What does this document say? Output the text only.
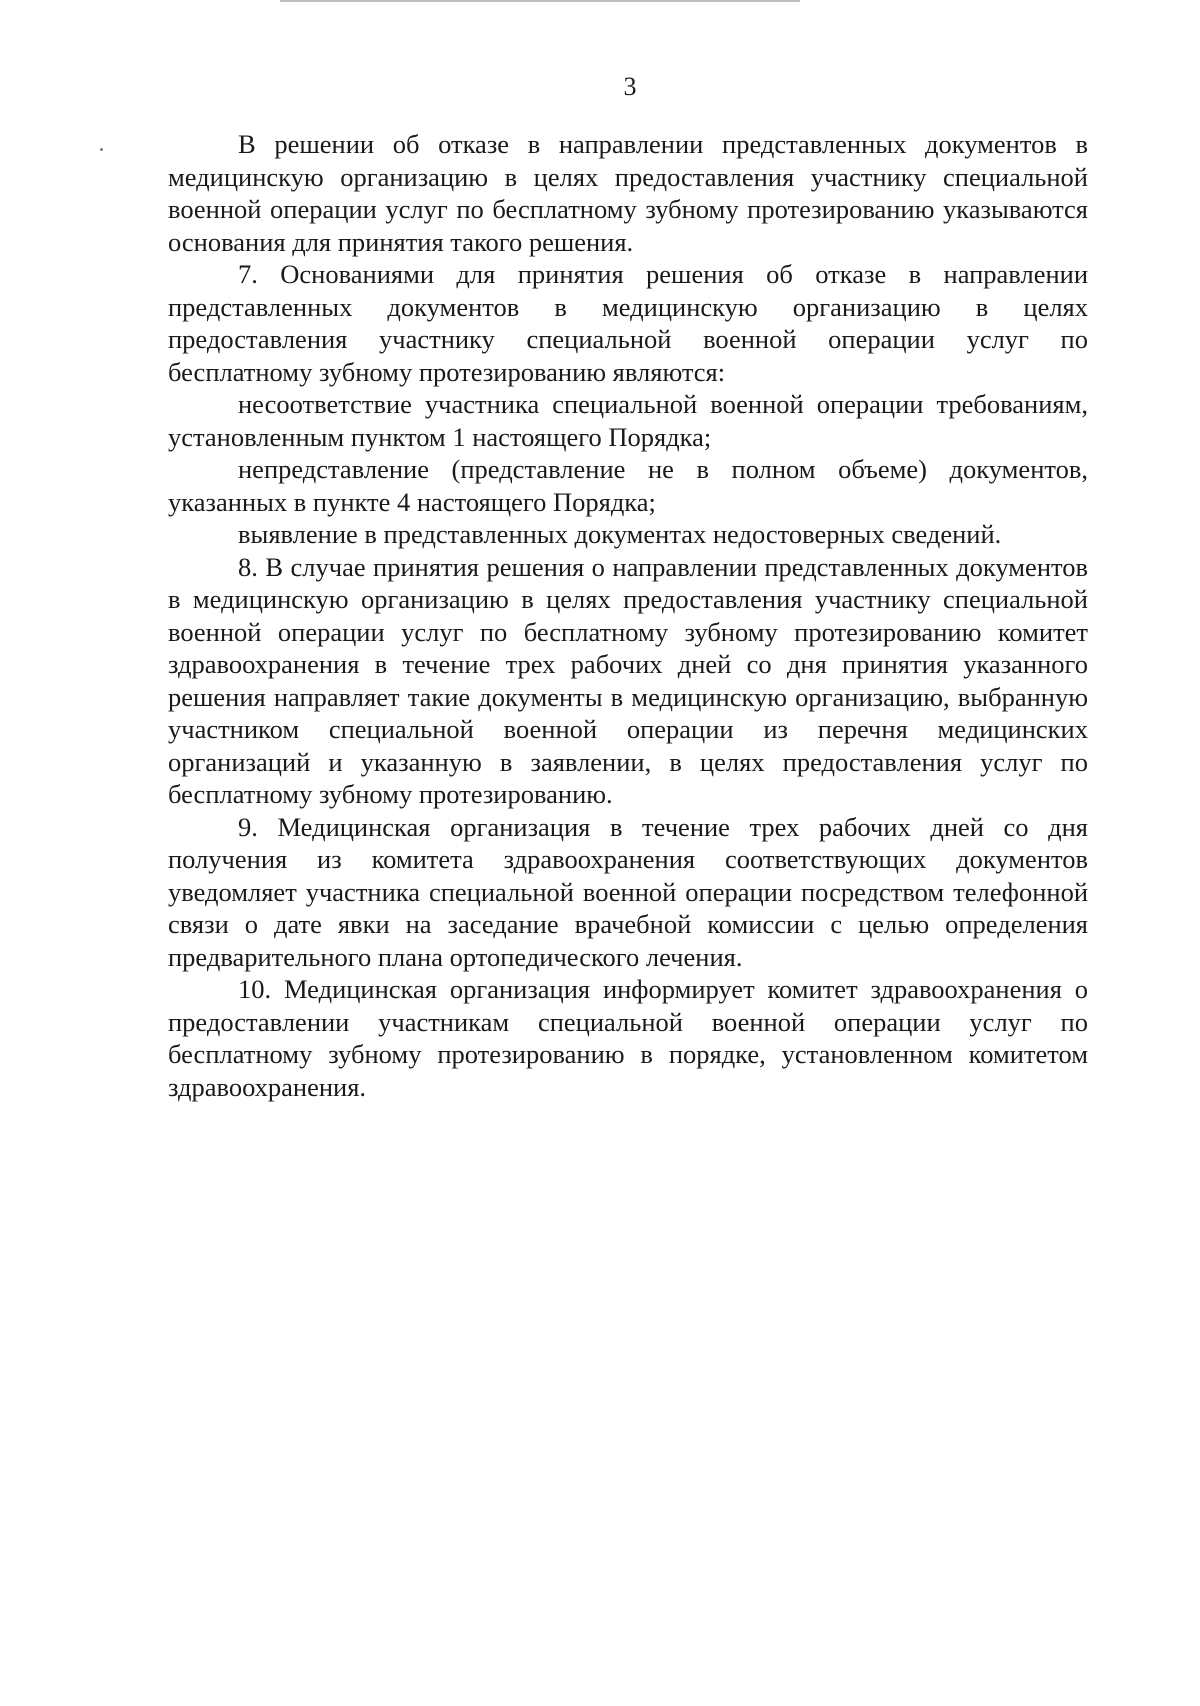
3

В решении об отказе в направлении представленных документов в медицинскую организацию в целях предоставления участнику специальной военной операции услуг по бесплатному зубному протезированию указываются основания для принятия такого решения.

7. Основаниями для принятия решения об отказе в направлении представленных документов в медицинскую организацию в целях предоставления участнику специальной военной операции услуг по бесплатному зубному протезированию являются:

несоответствие участника специальной военной операции требованиям, установленным пунктом 1 настоящего Порядка;

непредставление (представление не в полном объеме) документов, указанных в пункте 4 настоящего Порядка;

выявление в представленных документах недостоверных сведений.

8. В случае принятия решения о направлении представленных документов в медицинскую организацию в целях предоставления участнику специальной военной операции услуг по бесплатному зубному протезированию комитет здравоохранения в течение трех рабочих дней со дня принятия указанного решения направляет такие документы в медицинскую организацию, выбранную участником специальной военной операции из перечня медицинских организаций и указанную в заявлении, в целях предоставления услуг по бесплатному зубному протезированию.

9. Медицинская организация в течение трех рабочих дней со дня получения из комитета здравоохранения соответствующих документов уведомляет участника специальной военной операции посредством телефонной связи о дате явки на заседание врачебной комиссии с целью определения предварительного плана ортопедического лечения.

10. Медицинская организация информирует комитет здравоохранения о предоставлении участникам специальной военной операции услуг по бесплатному зубному протезированию в порядке, установленном комитетом здравоохранения.
